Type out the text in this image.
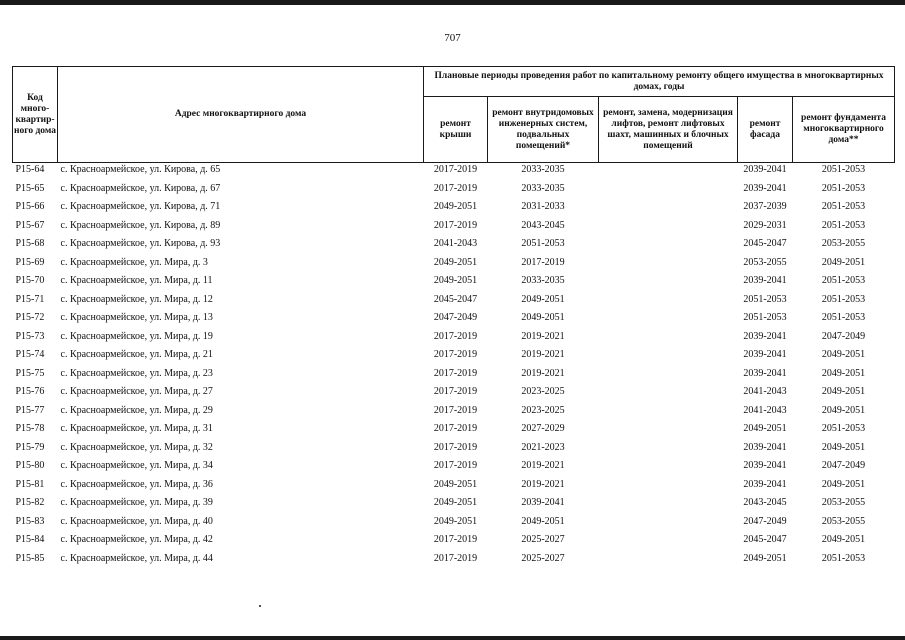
707
Код много-квартир-ного дома	Адрес многоквартирного дома	Плановые периоды проведения работ по капитальному ремонту общего имущества в многоквартирных домах, годы				
		ремонт крыши	ремонт внутридомовых инженерных систем, подвальных помещений*	ремонт, замена, модернизация лифтов, ремонт лифтовых шахт, машинных и блочных помещений	ремонт фасада	ремонт фундамента многоквартирного дома**
P15-64	с. Красноармейское, ул. Кирова, д. 65	2017-2019	2033-2035		2039-2041	2051-2053
P15-65	с. Красноармейское, ул. Кирова, д. 67	2017-2019	2033-2035		2039-2041	2051-2053
P15-66	с. Красноармейское, ул. Кирова, д. 71	2049-2051	2031-2033		2037-2039	2051-2053
P15-67	с. Красноармейское, ул. Кирова, д. 89	2017-2019	2043-2045		2029-2031	2051-2053
P15-68	с. Красноармейское, ул. Кирова, д. 93	2041-2043	2051-2053		2045-2047	2053-2055
P15-69	с. Красноармейское, ул. Мира, д. 3	2049-2051	2017-2019		2053-2055	2049-2051
P15-70	с. Красноармейское, ул. Мира, д. 11	2049-2051	2033-2035		2039-2041	2051-2053
P15-71	с. Красноармейское, ул. Мира, д. 12	2045-2047	2049-2051		2051-2053	2051-2053
P15-72	с. Красноармейское, ул. Мира, д. 13	2047-2049	2049-2051		2051-2053	2051-2053
P15-73	с. Красноармейское, ул. Мира, д. 19	2017-2019	2019-2021		2039-2041	2047-2049
P15-74	с. Красноармейское, ул. Мира, д. 21	2017-2019	2019-2021		2039-2041	2049-2051
P15-75	с. Красноармейское, ул. Мира, д. 23	2017-2019	2019-2021		2039-2041	2049-2051
P15-76	с. Красноармейское, ул. Мира, д. 27	2017-2019	2023-2025		2041-2043	2049-2051
P15-77	с. Красноармейское, ул. Мира, д. 29	2017-2019	2023-2025		2041-2043	2049-2051
P15-78	с. Красноармейское, ул. Мира, д. 31	2017-2019	2027-2029		2049-2051	2051-2053
P15-79	с. Красноармейское, ул. Мира, д. 32	2017-2019	2021-2023		2039-2041	2049-2051
P15-80	с. Красноармейское, ул. Мира, д. 34	2017-2019	2019-2021		2039-2041	2047-2049
P15-81	с. Красноармейское, ул. Мира, д. 36	2049-2051	2019-2021		2039-2041	2049-2051
P15-82	с. Красноармейское, ул. Мира, д. 39	2049-2051	2039-2041		2043-2045	2053-2055
P15-83	с. Красноармейское, ул. Мира, д. 40	2049-2051	2049-2051		2047-2049	2053-2055
P15-84	с. Красноармейское, ул. Мира, д. 42	2017-2019	2025-2027		2045-2047	2049-2051
P15-85	с. Красноармейское, ул. Мира, д. 44	2017-2019	2025-2027		2049-2051	2051-2053
